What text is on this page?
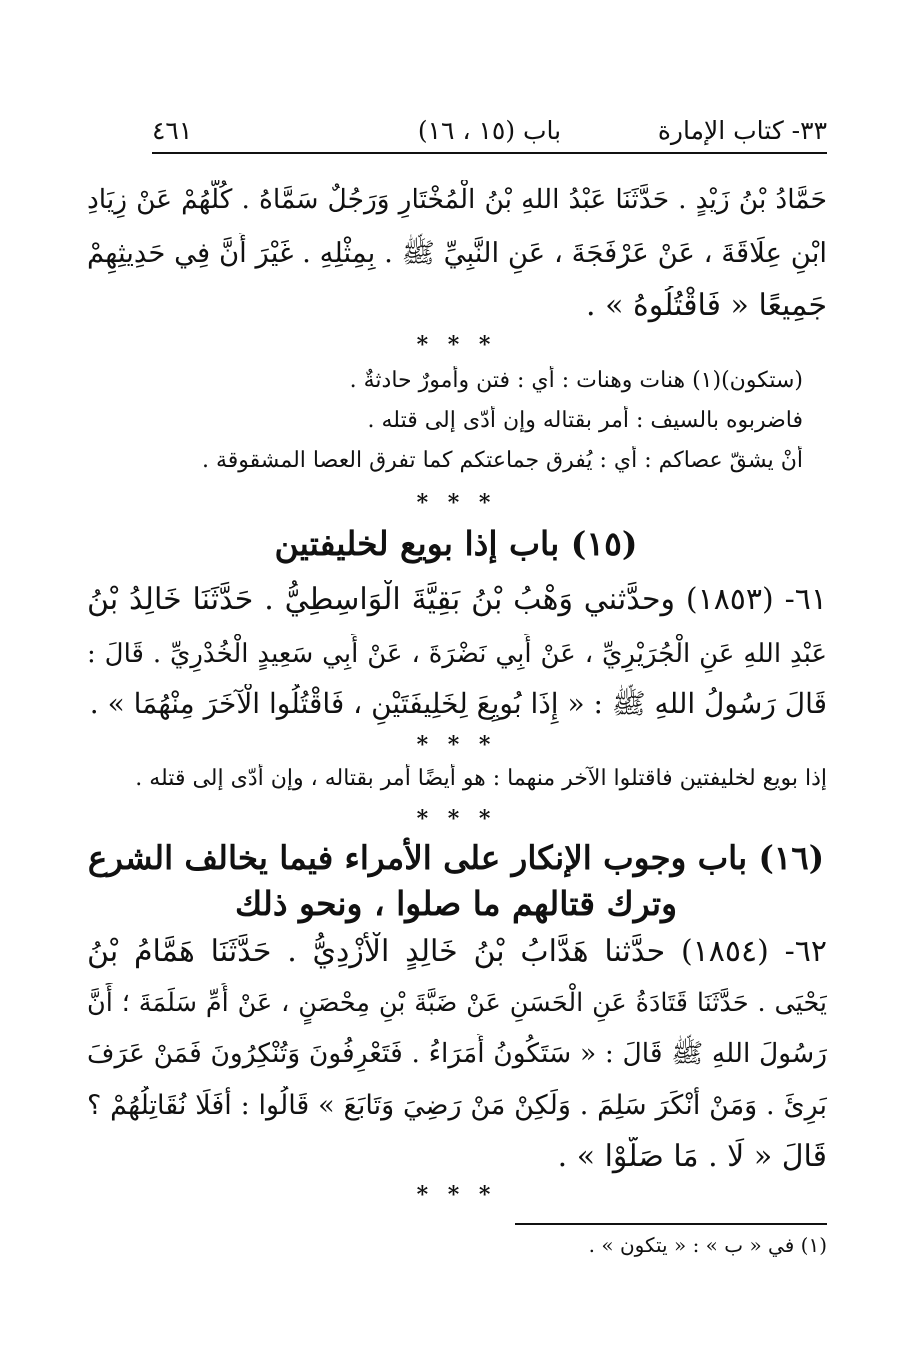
٣٣- كتاب الإمارة
باب (١٥ ، ١٦)
٤٦١
حَمَّادُ بْنُ زَيْدٍ . حَدَّثَنَا عَبْدُ اللهِ بْنُ الْمُخْتَارِ وَرَجُلٌ سَمَّاهُ . كُلُّهُمْ عَنْ زِيَادِ
ابْنِ عِلَاقَةَ ، عَنْ عَرْفَجَةَ ، عَنِ النَّبِيِّ ﷺ . بِمِثْلِهِ . غَيْرَ أَنَّ فِي حَدِيثِهِمْ
جَمِيعًا « فَاقْتُلُوهُ » .
* * *
(ستكون)(١) هنات وهنات : أي : فتن وأمورٌ حادثةٌ .
فاضربوه بالسيف : أمر بقتاله وإن أدّى إلى قتله .
أنْ يشقّ عصاكم : أي : يُفرق جماعتكم كما تفرق العصا المشقوقة .
* * *
(١٥) باب إذا بويع لخليفتين
٦١- (١٨٥٣) وحدَّثني وَهْبُ بْنُ بَقِيَّةَ الْوَاسِطِيُّ . حَدَّثَنَا خَالِدُ بْنُ
عَبْدِ اللهِ عَنِ الْجُرَيْرِيِّ ، عَنْ أَبِي نَضْرَةَ ، عَنْ أَبِي سَعِيدٍ الْخُدْرِيِّ . قَالَ :
قَالَ رَسُولُ اللهِ ﷺ : « إِذَا بُويِعَ لِخَلِيفَتَيْنِ ، فَاقْتُلُوا الْآخَرَ مِنْهُمَا » .
* * *
إذا بويع لخليفتين فاقتلوا الآخر منهما : هو أيضًا أمر بقتاله ، وإن أدّى إلى قتله .
* * *
(١٦) باب وجوب الإنكار على الأمراء فيما يخالف الشرع
وترك قتالهم ما صلوا ، ونحو ذلك
٦٢- (١٨٥٤) حدَّثنا هَدَّابُ بْنُ خَالِدٍ الْأَزْدِيُّ . حَدَّثَنَا هَمَّامُ بْنُ
يَحْيَى . حَدَّثَنَا قَتَادَةُ عَنِ الْحَسَنِ عَنْ ضَبَّةَ بْنِ مِحْصَنٍ ، عَنْ أُمِّ سَلَمَةَ ؛ أَنَّ
رَسُولَ اللهِ ﷺ قَالَ : « سَتَكُونُ أُمَرَاءُ . فَتَعْرِفُونَ وَتُنْكِرُونَ فَمَنْ عَرَفَ
بَرِئَ . وَمَنْ أَنْكَرَ سَلِمَ . وَلَكِنْ مَنْ رَضِيَ وَتَابَعَ » قَالُوا : أَفَلَا نُقَاتِلُهُمْ ؟
قَالَ « لَا . مَا صَلَّوْا » .
* * *
(١) في « ب » : « يتكون » .
